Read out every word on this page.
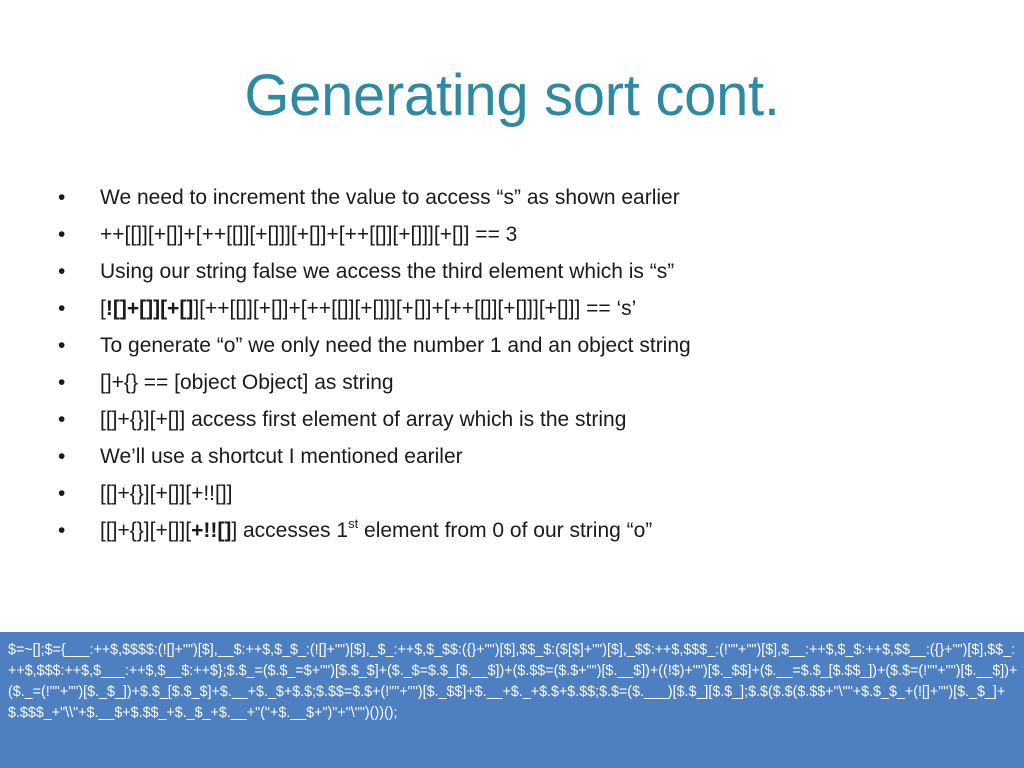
Generating sort cont.
• We need to increment the value to access “s” as shown earlier
• ++[[]][+[]]+[++[[]][+[]]][+[]]+[++[[]][+[]]][+[]] == 3
• Using our string false we access the third element which is “s”
• [![]+[]][+[]][++[[]][+[]]+[++[[]][+[]]][+[]]+[++[[]][+[]]][+[]]] == ‘s’
• To generate “o” we only need the number 1 and an object string
• []+{} == [object Object] as string
• [[]+{}][+[]] access first element of array which is the string
• We’ll use a shortcut I mentioned eariler
• [[]+{}][+[]][+!![]]
• [[]+{}][+[]][+!![]] accesses 1st element from 0 of our string “o”
$=~[];$={___:++$,$$$$:(![]+"")[$],__$:++$,$_$_:(![]+"")[$],_$_:++$,$_$$:({}+"")[$],$$_$:($[$]+"")[$],_$$:++$,$$$_:(!""+"")[$],$__:++$,$_$:++$,$$__:({}+"")[$],$$_:++$,$$$:++$,$___:++$,$__$:++$};$.$_=($.$_=$+"")[$.$_$]+($._$=$.$_[$.__$])+($.$$=($.$+"")[$.__$])+((!$)+"")[$._$$]+($.__=$.$_[$.$$_])+($.$=(!""+"")[$.__$])+($._=(!""+"")[$._$_])+$.$_[$.$_$]+$.__+$._$+$.$;$.$$=$.$+(!""+"")[$._$$]+$.__+$._+$.$+$.$$;$.$=($.___)[$.$_][$.$_];$.$($.$($.$$+"\""+$.$_$_+(![]+"")[$._$_]+$.$$$_+"\\"+$.__$+$.$$_+$._$_+$.__+"("+$.__$+")"+"\"")())();
